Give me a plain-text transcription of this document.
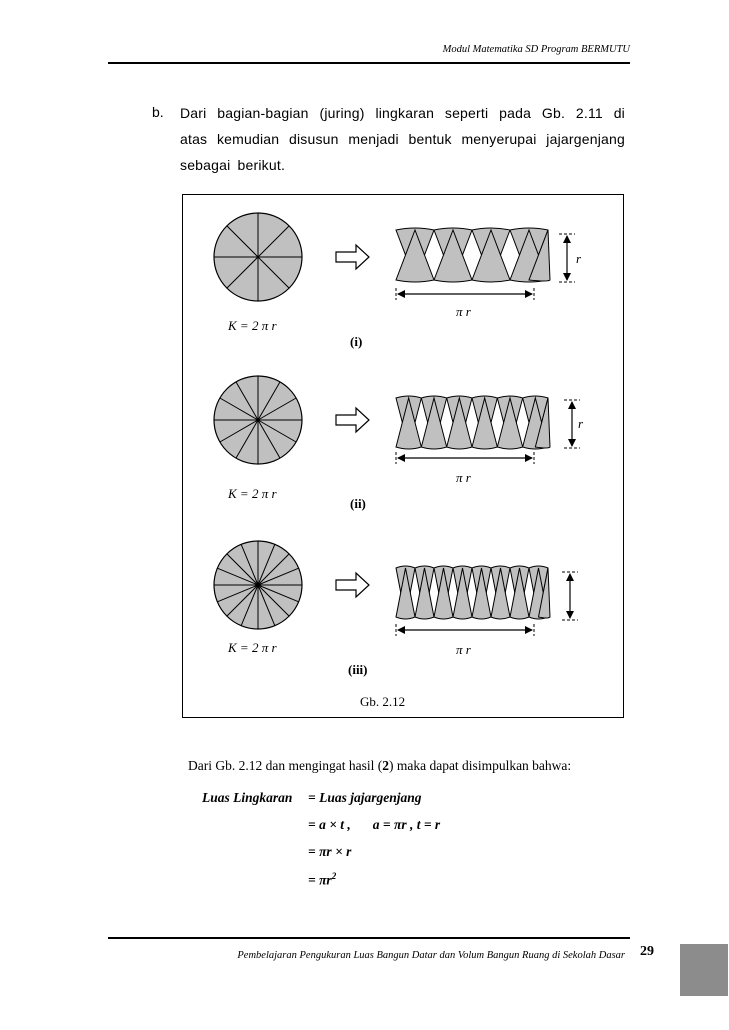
Modul Matematika SD Program BERMUTU
b. Dari bagian-bagian (juring) lingkaran seperti pada Gb. 2.11 di atas kemudian disusun menjadi bentuk menyerupai jajargenjang sebagai berikut.
K = 2 π r
(i)
π r
r
K = 2 π r
(ii)
π r
r
K = 2 π r
(iii)
π r
Gb. 2.12
Dari Gb. 2.12 dan mengingat hasil (2) maka dapat disimpulkan bahwa:
Luas Lingkaran = Luas jajargenjang
= a × t , a = πr , t = r
= πr × r
= $\pi r^2$
Pembelajaran Pengukuran Luas Bangun Datar dan Volum Bangun Ruang di Sekolah Dasar 29
